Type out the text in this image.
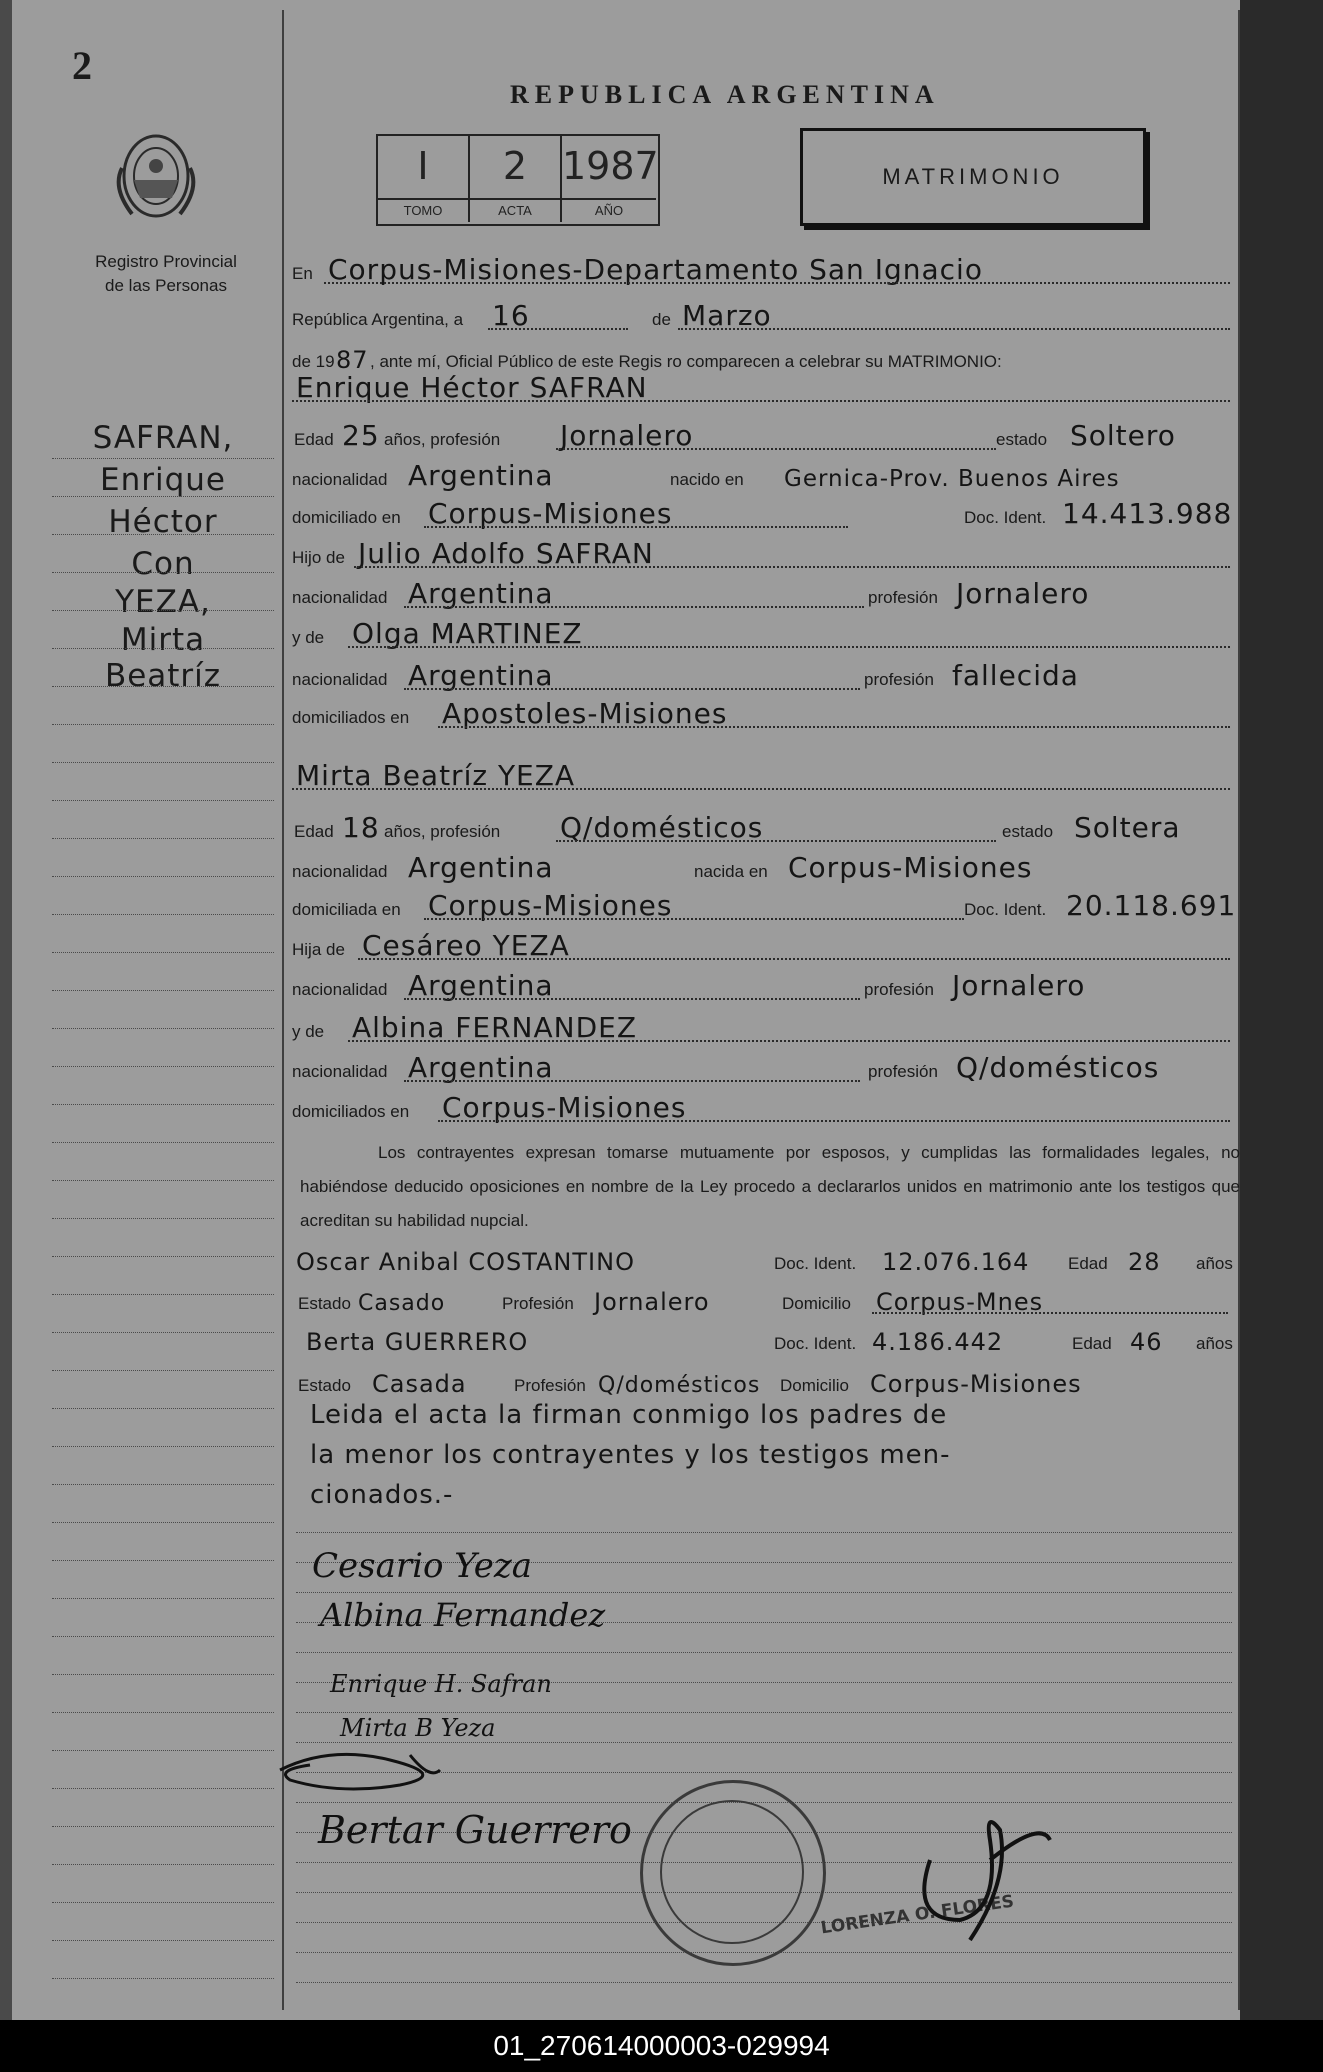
2
Registro Provincial
de las Personas
REPUBLICA ARGENTINA
I
TOMO
2
ACTA
1987
AÑO
MATRIMONIO
SAFRAN,
Enrique
Héctor
Con
YEZA,
Mirta
Beatríz
En Corpus-Misiones-Departamento San Ignacio
República Argentina, a 16	de Marzo
de 19 87 , ante mí, Oficial Público de este Regis ro comparecen a celebrar su MATRIMONIO:
Enrique Héctor SAFRAN
Edad 25 años, profesión Jornalero	estado Soltero
nacionalidad Argentina	nacido en Gernica-Prov. Buenos Aires
domiciliado en Corpus-Misiones	Doc. Ident. 14.413.988
Hijo de Julio Adolfo SAFRAN
nacionalidad Argentina	profesión Jornalero
y de Olga MARTINEZ
nacionalidad Argentina	profesión fallecida
domiciliados en Apostoles-Misiones
Mirta Beatríz YEZA
Edad 18 años, profesión Q/domésticos	estado Soltera
nacionalidad Argentina	nacida en Corpus-Misiones
domiciliada en Corpus-Misiones	Doc. Ident. 20.118.691
Hija de Cesáreo YEZA
nacionalidad Argentina	profesión Jornalero
y de Albina FERNANDEZ
nacionalidad Argentina	profesión Q/domésticos
domiciliados en Corpus-Misiones
Los contrayentes expresan tomarse mutuamente por esposos, y cumplidas las formalidades legales, no habiéndose deducido oposiciones en nombre de la Ley procedo a declararlos unidos en matrimonio ante los testigos que acreditan su habilidad nupcial.
Oscar Anibal COSTANTINO	Doc. Ident. 12.076.164 Edad 28 años
Estado Casado	Profesión Jornalero	Domicilio Corpus-Mnes
Berta GUERRERO	Doc. Ident. 4.186.442	Edad 46 años
Estado Casada	Profesión Q/domésticos Domicilio Corpus-Misiones
Leida el acta la firman conmigo los padres de
la menor los contrayentes y los testigos men-
cionados.-
Cesario Yeza
Albina Fernandez
Enrique H. Safran
Mirta B Yeza
Bertar Guerrero
LORENZA O. FLORES
01_270614000003-029994
